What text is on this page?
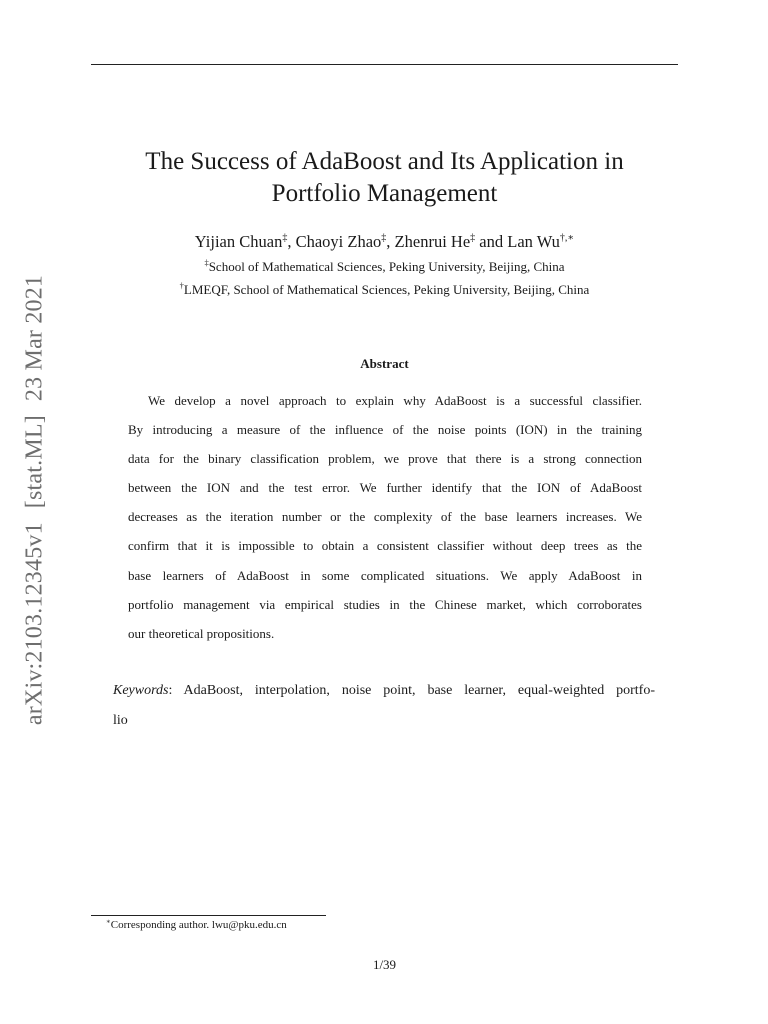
arXiv:2103.12345v1[stat.ML]23 Mar 2021
The Success of AdaBoost and Its Application in
Portfolio Management
Yijian Chuan‡, Chaoyi Zhao‡, Zhenrui He‡ and Lan Wu†,∗
‡School of Mathematical Sciences, Peking University, Beijing, China
†LMEQF, School of Mathematical Sciences, Peking University, Beijing, China
Abstract
We develop a novel approach to explain why AdaBoost is a successful classifier.
By introducing a measure of the influence of the noise points (ION) in the training
data for the binary classification problem, we prove that there is a strong connection
between the ION and the test error. We further identify that the ION of AdaBoost
decreases as the iteration number or the complexity of the base learners increases. We
confirm that it is impossible to obtain a consistent classifier without deep trees as the
base learners of AdaBoost in some complicated situations. We apply AdaBoost in
portfolio management via empirical studies in the Chinese market, which corroborates
our theoretical propositions.
Keywords: AdaBoost, interpolation, noise point, base learner, equal-weighted portfo-
lio
∗Corresponding author. lwu@pku.edu.cn
1/39
